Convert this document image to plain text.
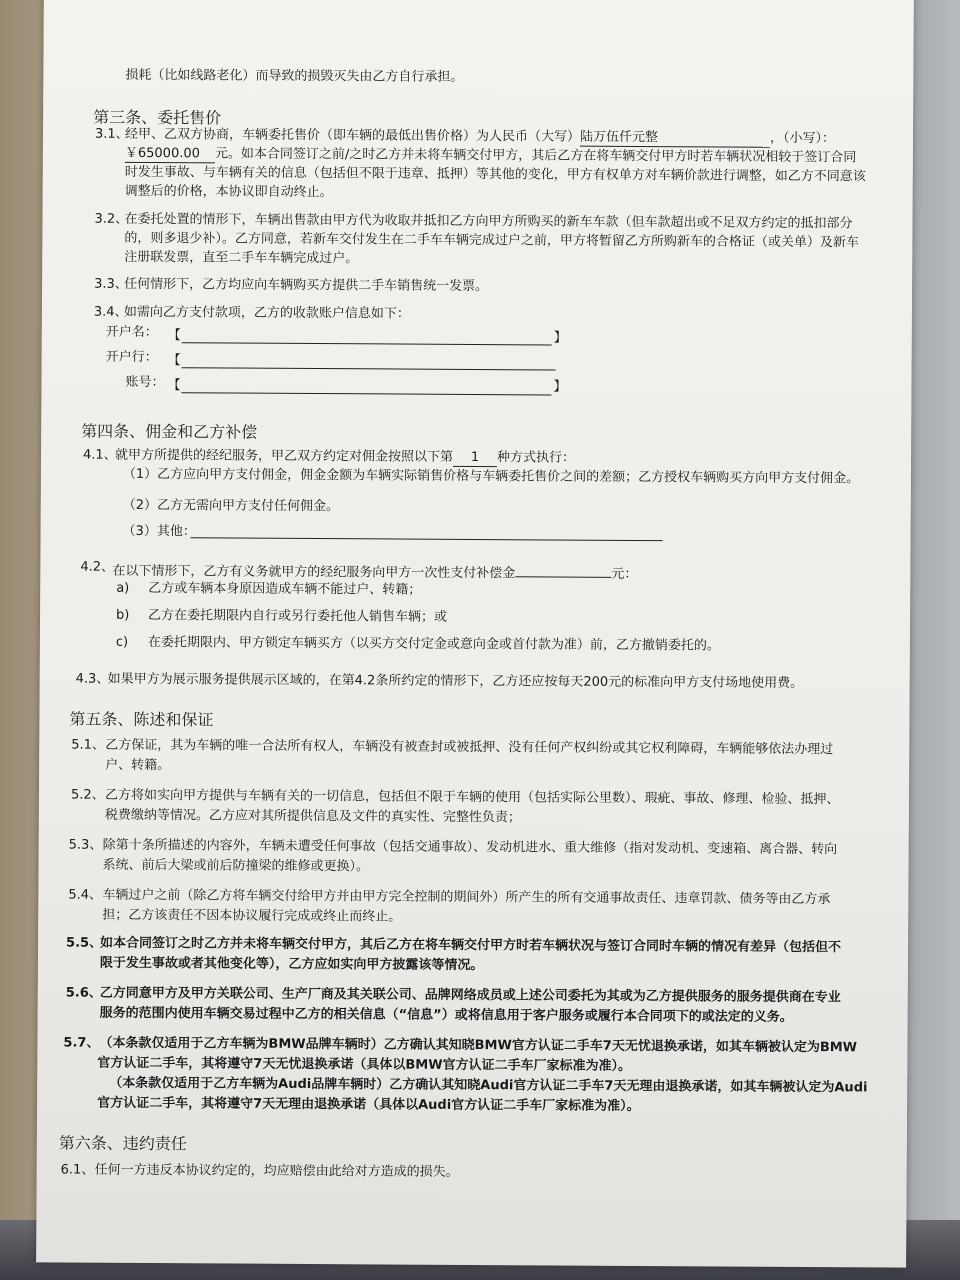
损耗（比如线路老化）而导致的损毁灭失由乙方自行承担。
第三条、委托售价
3.1、
经甲、乙双方协商，车辆委托售价（即车辆的最低出售价格）为人民币（大写）陆万伍仟元整	，（小写）：
￥65000.00 元。如本合同签订之前/之时乙方并未将车辆交付甲方，其后乙方在将车辆交付甲方时若车辆状况相较于签订合同
时发生事故、与车辆有关的信息（包括但不限于违章、抵押）等其他的变化，甲方有权单方对车辆价款进行调整，如乙方不同意该
调整后的价格，本协议即自动终止。
3.2、
在委托处置的情形下，车辆出售款由甲方代为收取并抵扣乙方向甲方所购买的新车车款（但车款超出或不足双方约定的抵扣部分
的，则多退少补）。乙方同意，若新车交付发生在二手车车辆完成过户之前，甲方将暂留乙方所购新车的合格证（或关单）及新车
注册联发票，直至二手车车辆完成过户。
3.3、
任何情形下，乙方均应向车辆购买方提供二手车销售统一发票。
3.4、
如需向乙方支付款项，乙方的收款账户信息如下：
开户名： 【	】
开户行： 【
账号： 【	】
第四条、佣金和乙方补偿
4.1、
就甲方所提供的经纪服务，甲乙双方约定对佣金按照以下第 1 种方式执行：
（1）乙方应向甲方支付佣金，佣金金额为车辆实际销售价格与车辆委托售价之间的差额；乙方授权车辆购买方向甲方支付佣金。
（2）乙方无需向甲方支付任何佣金。
（3）其他：
4.2、
在以下情形下，乙方有义务就甲方的经纪服务向甲方一次性支付补偿金	元：
a) 乙方或车辆本身原因造成车辆不能过户、转籍；
b) 乙方在委托期限内自行或另行委托他人销售车辆；或
c) 在委托期限内、甲方锁定车辆买方（以买方交付定金或意向金或首付款为准）前，乙方撤销委托的。
4.3、
如果甲方为展示服务提供展示区域的，在第4.2条所约定的情形下，乙方还应按每天200元的标准向甲方支付场地使用费。
第五条、陈述和保证
5.1、 乙方保证，其为车辆的唯一合法所有权人，车辆没有被查封或被抵押、没有任何产权纠纷或其它权利障碍，车辆能够依法办理过
户、转籍。
5.2、 乙方将如实向甲方提供与车辆有关的一切信息，包括但不限于车辆的使用（包括实际公里数）、瑕疵、事故、修理、检验、抵押、
税费缴纳等情况。乙方应对其所提供信息及文件的真实性、完整性负责；
5.3、 除第十条所描述的内容外，车辆未遭受任何事故（包括交通事故）、发动机进水、重大维修（指对发动机、变速箱、离合器、转向
系统、前后大梁或前后防撞梁的维修或更换）。
5.4、 车辆过户之前（除乙方将车辆交付给甲方并由甲方完全控制的期间外）所产生的所有交通事故责任、违章罚款、债务等由乙方承
担；乙方该责任不因本协议履行完成或终止而终止。
5.5、
如本合同签订之时乙方并未将车辆交付甲方，其后乙方在将车辆交付甲方时若车辆状况与签订合同时车辆的情况有差异（包括但不
限于发生事故或者其他变化等），乙方应如实向甲方披露该等情况。
5.6、
乙方同意甲方及甲方关联公司、生产厂商及其关联公司、品牌网络成员或上述公司委托为其或为乙方提供服务的服务提供商在专业
服务的范围内使用车辆交易过程中乙方的相关信息（“信息”）或将信息用于客户服务或履行本合同项下的或法定的义务。
5.7、 （本条款仅适用于乙方车辆为BMW品牌车辆时）乙方确认其知晓BMW官方认证二手车7天无忧退换承诺，如其车辆被认定为BMW
官方认证二手车，其将遵守7天无忧退换承诺（具体以BMW官方认证二手车厂家标准为准）。
（本条款仅适用于乙方车辆为Audi品牌车辆时）乙方确认其知晓Audi官方认证二手车7天无理由退换承诺，如其车辆被认定为Audi
官方认证二手车，其将遵守7天无理由退换承诺（具体以Audi官方认证二手车厂家标准为准）。
第六条、违约责任
6.1、 任何一方违反本协议约定的，均应赔偿由此给对方造成的损失。
